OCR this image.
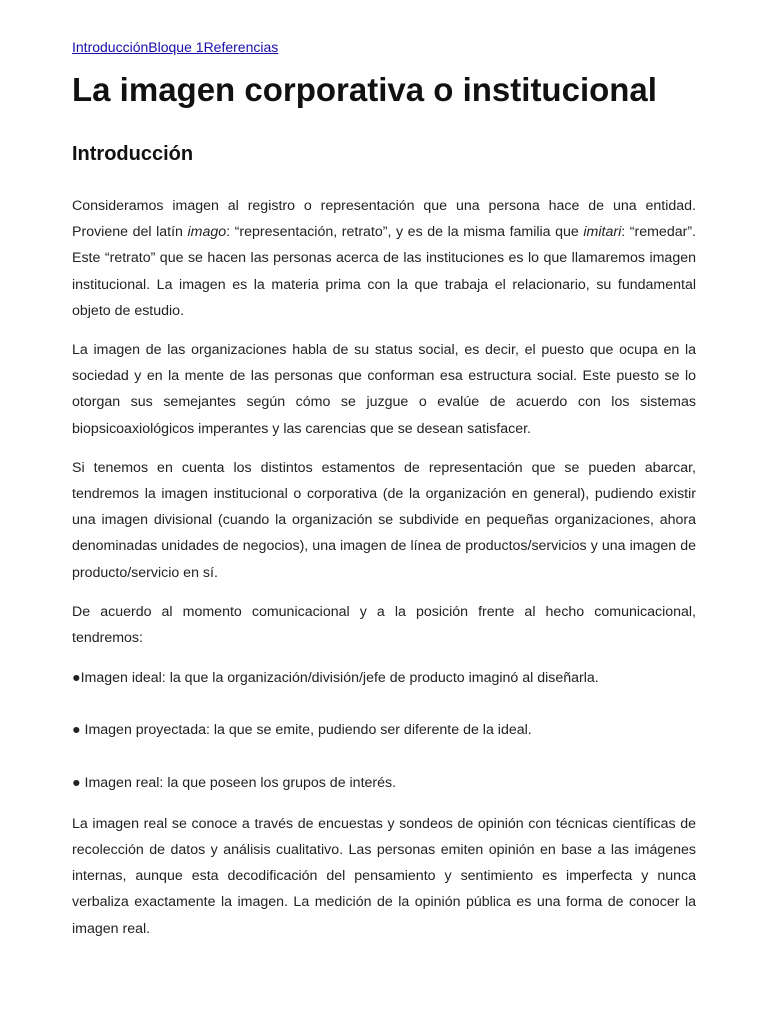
IntroducciónBloque 1Referencias

La imagen corporativa o institucional
Introducción

Consideramos imagen al registro o representación que una persona hace de una entidad. Proviene del latín imago: “representación, retrato”, y es de la misma familia que imitari: “remedar”. Este “retrato” que se hacen las personas acerca de las instituciones es lo que llamaremos imagen institucional. La imagen es la materia prima con la que trabaja el relacionario, su fundamental objeto de estudio.

La imagen de las organizaciones habla de su status social, es decir, el puesto que ocupa en la sociedad y en la mente de las personas que conforman esa estructura social. Este puesto se lo otorgan sus semejantes según cómo se juzgue o evalúe de acuerdo con los sistemas biopsicoaxiológicos imperantes y las carencias que se desean satisfacer.

Si tenemos en cuenta los distintos estamentos de representación que se pueden abarcar, tendremos la imagen institucional o corporativa (de la organización en general), pudiendo existir una imagen divisional (cuando la organización se subdivide en pequeñas organizaciones, ahora denominadas unidades de negocios), una imagen de línea de productos/servicios y una imagen de producto/servicio en sí.

De acuerdo al momento comunicacional y a la posición frente al hecho comunicacional, tendremos:

●Imagen ideal: la que la organización/división/jefe de producto imaginó al diseñarla.

● Imagen proyectada: la que se emite, pudiendo ser diferente de la ideal.

● Imagen real: la que poseen los grupos de interés.

La imagen real se conoce a través de encuestas y sondeos de opinión con técnicas científicas de recolección de datos y análisis cualitativo. Las personas emiten opinión en base a las imágenes internas, aunque esta decodificación del pensamiento y sentimiento es imperfecta y nunca verbaliza exactamente la imagen. La medición de la opinión pública es una forma de conocer la imagen real.
